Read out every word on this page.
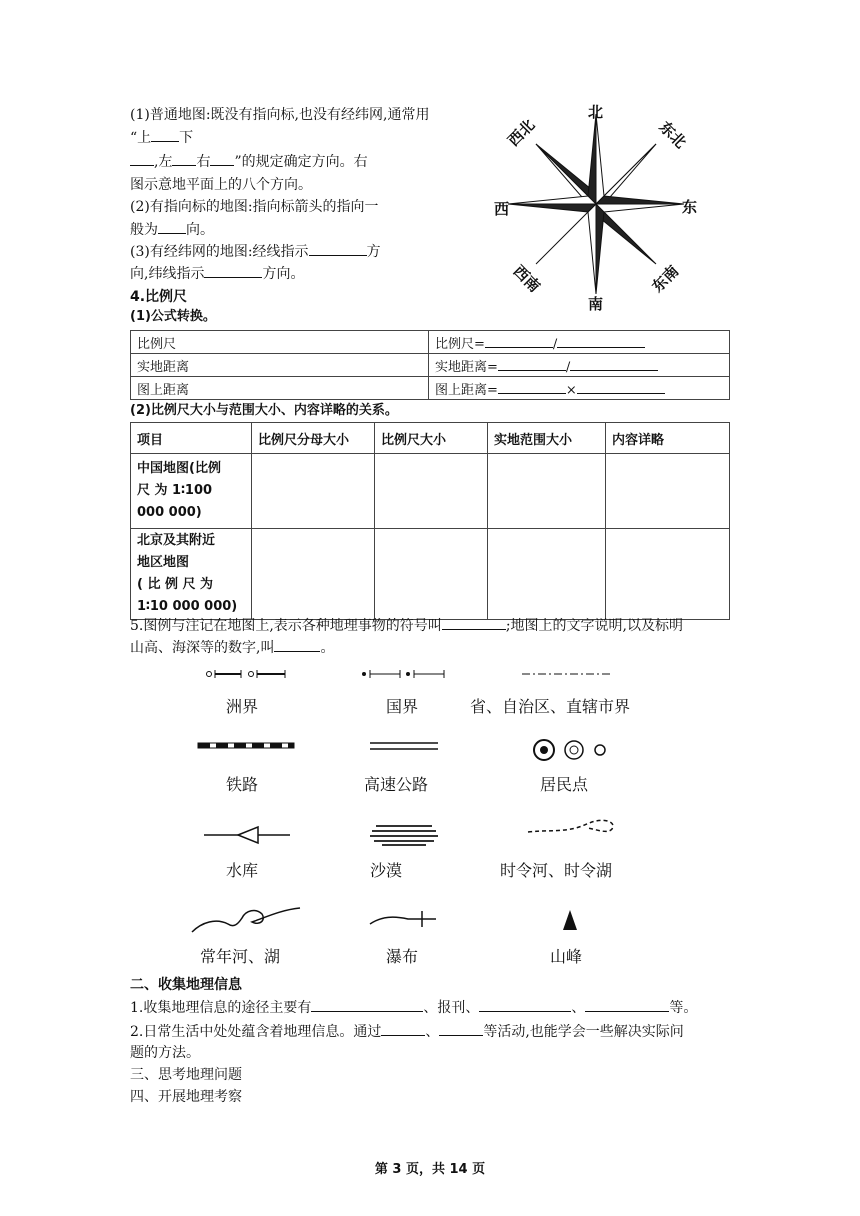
(1)普通地图:既没有指向标,也没有经纬网,通常用
“上 下
,左 右 ”的规定确定方向。右
图示意地平面上的八个方向。
(2)有指向标的地图:指向标箭头的指向一
般为 向。
(3)有经纬网的地图:经线指示	方
向,纬线指示	方向。
北
南
东
西
东北
西北
东南
西南
4.比例尺
(1)公式转换。
比例尺	比例尺= /
实地距离	实地距离= /
图上距离	图上距离= ×
(2)比例尺大小与范围大小、内容详略的关系。
项目	比例尺分母大小	比例尺大小	实地范围大小	内容详略

中国地图(比例
尺 为 1∶100
000 000)				

北京及其附近
地区地图
( 比 例 尺 为
1∶10 000 000)				

5.图例与注记在地图上,表示各种地理事物的符号叫	;地图上的文字说明,以及标明
山高、海深等的数字,叫	。
洲界	国界	省、自治区、直辖市界
铁路	高速公路	居民点
水库	沙漠	时令河、时令湖
常年河、湖	瀑布	山峰
二、收集地理信息
1.收集地理信息的途径主要有	、报刊、	、	等。
2.日常生活中处处蕴含着地理信息。通过	、	等活动,也能学会一些解决实际问
题的方法。
三、思考地理问题
四、开展地理考察
第 3 页，共 14 页
